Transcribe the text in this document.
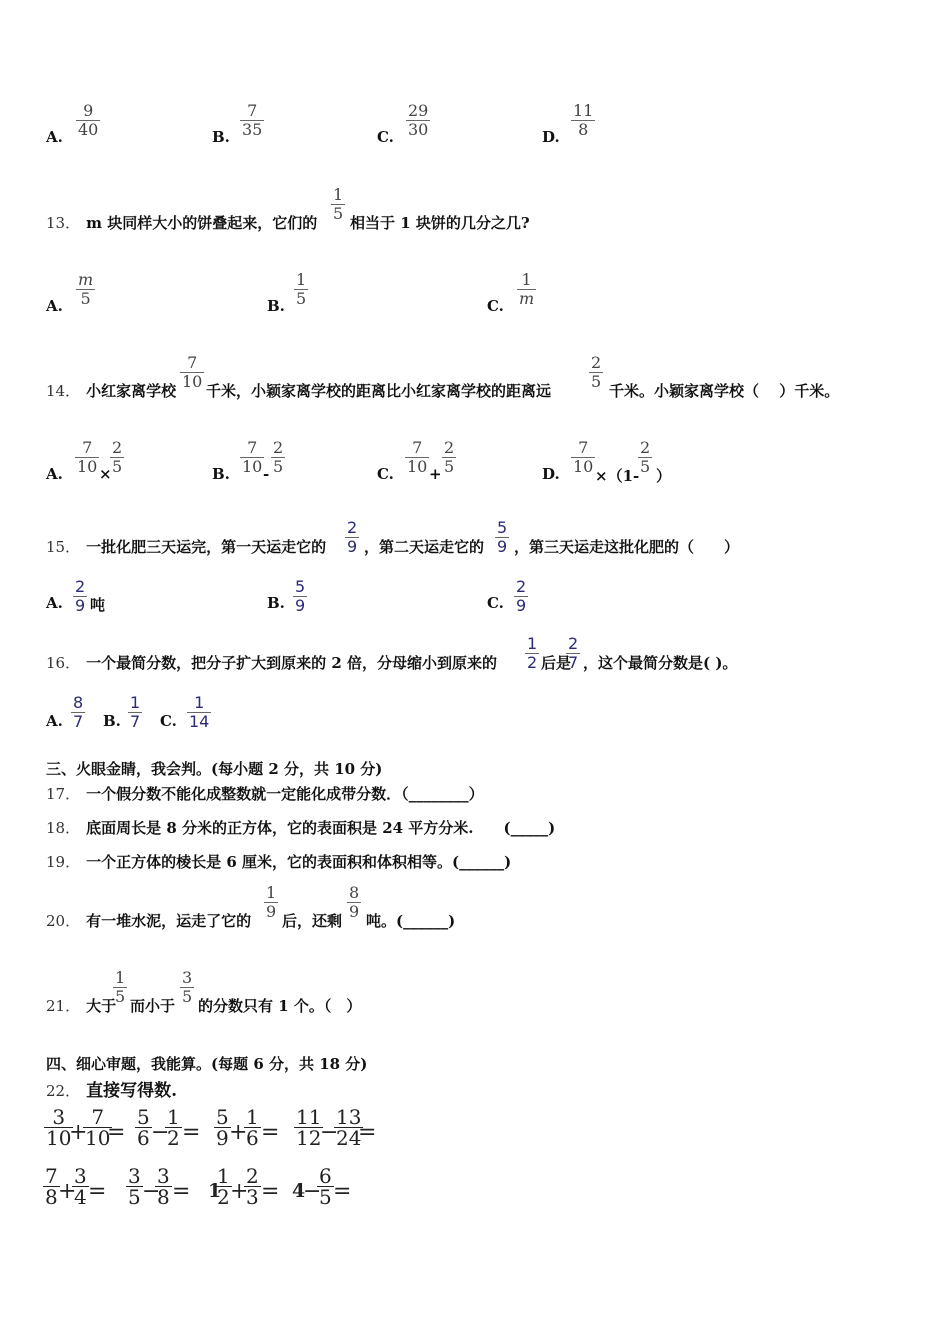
A.
9
40	B.
7
35	C.
29
30	D.
11
8
13． m 块同样大小的饼叠起来，它们的
1
5 相当于 1 块饼的几分之几?
A.
m
5	B.
1
5	C.
1
m
14． 小红家离学校
7
10 千米，小颖家离学校的距离比小红家离学校的距离远
2
5 千米。小颖家离学校（　 ）千米。
A.
7
10 ×
2
5	B.
7
10 -
2
5	C.
7
10 +
2
5	D.
7
10 ×（1-
2
5 ）
15． 一批化肥三天运完，第一天运走它的
2
9 ，第二天运走它的
5
9 ，第三天运走这批化肥的（　　）
A.
2
9 吨	B.
5
9	C.
2
9
16． 一个最简分数，把分子扩大到原来的 2 倍，分母缩小到原来的
1
2 后是
2
7 ，这个最简分数是( )。
A.
8
7 B.
1
7 C.
1
14
三、火眼金睛，我会判。(每小题 2 分，共 10 分)
17． 一个假分数不能化成整数就一定能化成带分数．（________）
18． 底面周长是 8 分米的正方体，它的表面积是 24 平方分米.　　(_____)
19． 一个正方体的棱长是 6 厘米，它的表面积和体积相等。(______)
20． 有一堆水泥，运走了它的
1
9 后，还剩
8
9 吨。(______)
21． 大于
1
5 而小于
3
5 的分数只有 1 个。（　）
四、细心审题，我能算。(每题 6 分，共 18 分)
22． 直接写得数.
3
10
+
7
10
=
5
6 −
1
2 =
5
9 +
1
6 =
11
12
−
13
24
=
7
8 +
3
4 =
3
5 −
3
8 = 1
1
2 +
2
3 = 4
−
6
5 =
